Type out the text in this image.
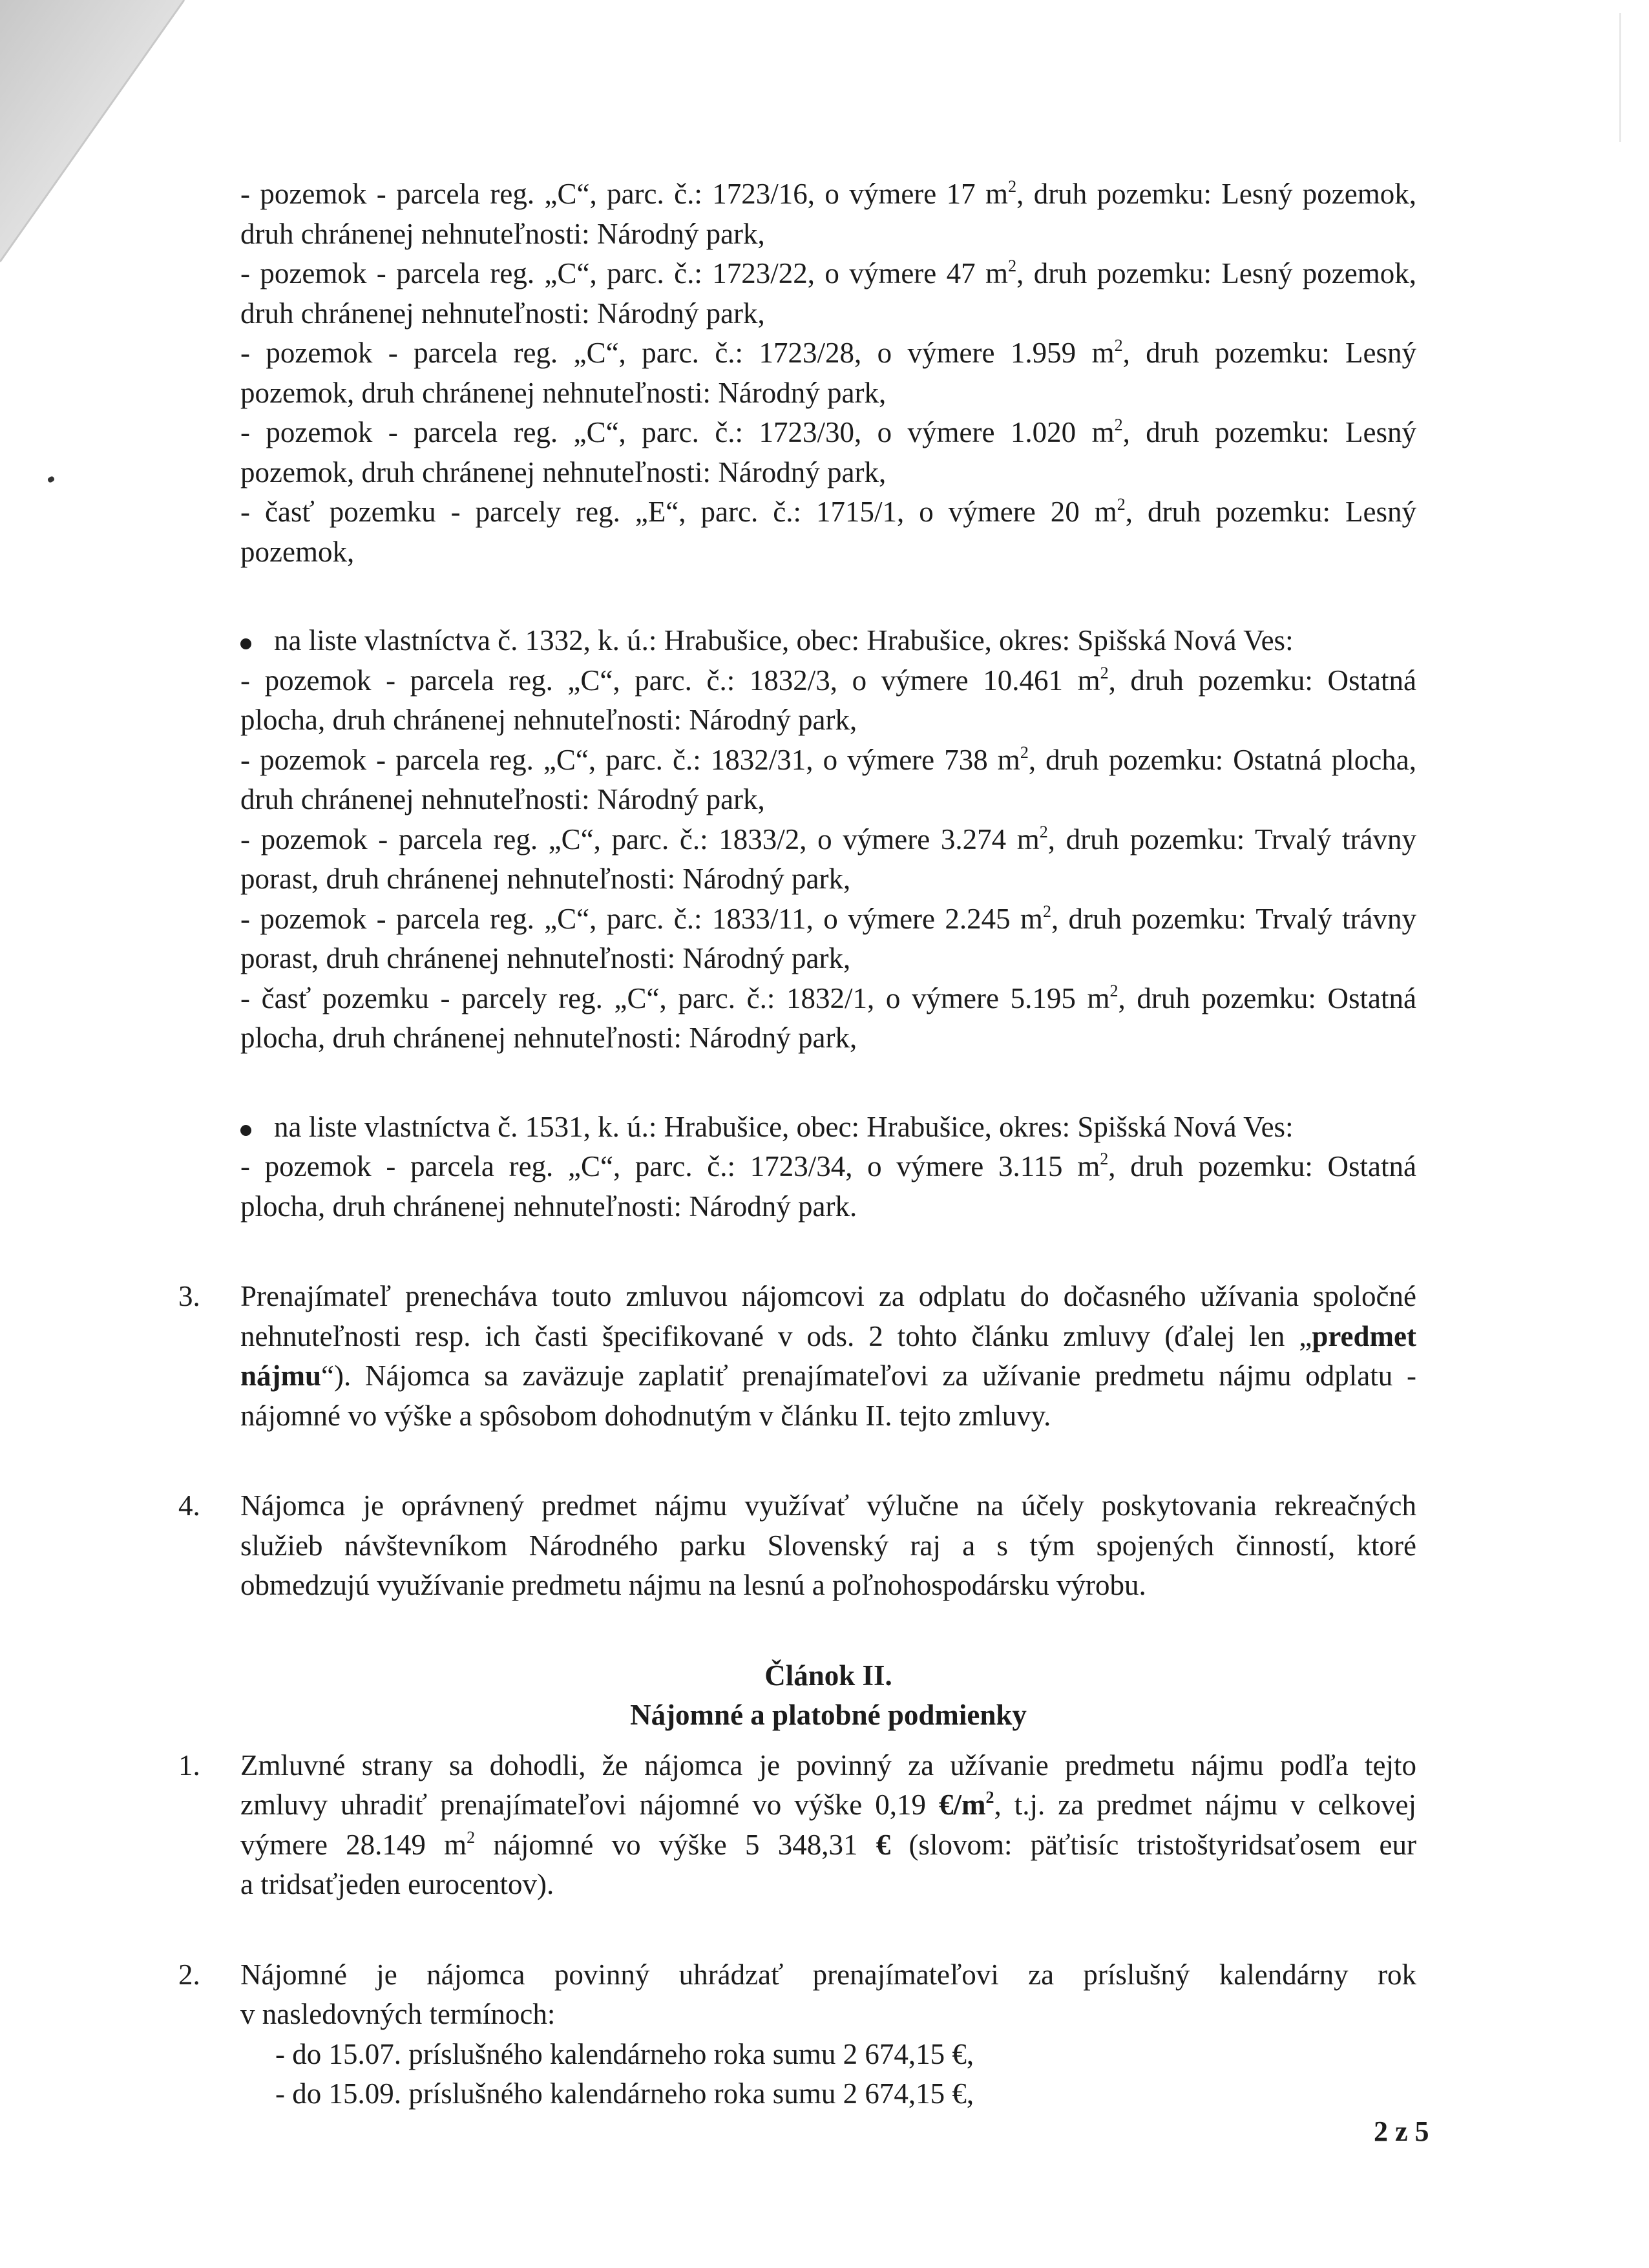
- pozemok - parcela reg. „C“, parc. č.: 1723/16, o výmere 17 $m^2$, druh pozemku: Lesný pozemok,
druh chránenej nehnuteľnosti: Národný park,
- pozemok - parcela reg. „C“, parc. č.: 1723/22, o výmere 47 $m^2$, druh pozemku: Lesný pozemok,
druh chránenej nehnuteľnosti: Národný park,
- pozemok - parcela reg. „C“, parc. č.: 1723/28, o výmere 1.959 $m^2$, druh pozemku: Lesný
pozemok, druh chránenej nehnuteľnosti: Národný park,
- pozemok - parcela reg. „C“, parc. č.: 1723/30, o výmere 1.020 $m^2$, druh pozemku: Lesný
pozemok, druh chránenej nehnuteľnosti: Národný park,
- časť pozemku - parcely reg. „E“, parc. č.: 1715/1, o výmere 20 $m^2$, druh pozemku: Lesný
pozemok,
na liste vlastníctva č. 1332, k. ú.: Hrabušice, obec: Hrabušice, okres: Spišská Nová Ves:
- pozemok - parcela reg. „C“, parc. č.: 1832/3, o výmere 10.461 $m^2$, druh pozemku: Ostatná
plocha, druh chránenej nehnuteľnosti: Národný park,
- pozemok - parcela reg. „C“, parc. č.: 1832/31, o výmere 738 $m^2$, druh pozemku: Ostatná plocha,
druh chránenej nehnuteľnosti: Národný park,
- pozemok - parcela reg. „C“, parc. č.: 1833/2, o výmere 3.274 $m^2$, druh pozemku: Trvalý trávny
porast, druh chránenej nehnuteľnosti: Národný park,
- pozemok - parcela reg. „C“, parc. č.: 1833/11, o výmere 2.245 $m^2$, druh pozemku: Trvalý trávny
porast, druh chránenej nehnuteľnosti: Národný park,
- časť pozemku - parcely reg. „C“, parc. č.: 1832/1, o výmere 5.195 $m^2$, druh pozemku: Ostatná
plocha, druh chránenej nehnuteľnosti: Národný park,
na liste vlastníctva č. 1531, k. ú.: Hrabušice, obec: Hrabušice, okres: Spišská Nová Ves:
- pozemok - parcela reg. „C“, parc. č.: 1723/34, o výmere 3.115 $m^2$, druh pozemku: Ostatná
plocha, druh chránenej nehnuteľnosti: Národný park.
3. Prenajímateľ prenecháva touto zmluvou nájomcovi za odplatu do dočasného užívania spoločné
nehnuteľnosti resp. ich časti špecifikované v ods. 2 tohto článku zmluvy (ďalej len „predmet
nájmu“). Nájomca sa zaväzuje zaplatiť prenajímateľovi za užívanie predmetu nájmu odplatu -
nájomné vo výške a spôsobom dohodnutým v článku II. tejto zmluvy.
4. Nájomca je oprávnený predmet nájmu využívať výlučne na účely poskytovania rekreačných
služieb návštevníkom Národného parku Slovenský raj a s tým spojených činností, ktoré
obmedzujú využívanie predmetu nájmu na lesnú a poľnohospodársku výrobu.
Článok II.
Nájomné a platobné podmienky
1. Zmluvné strany sa dohodli, že nájomca je povinný za užívanie predmetu nájmu podľa tejto
zmluvy uhradiť prenajímateľovi nájomné vo výške 0,19 $€/m^2$, t.j. za predmet nájmu v celkovej
výmere 28.149 $m^2$ nájomné vo výške 5 348,31 € (slovom: päťtisíc tristoštyridsaťosem eur
a tridsaťjeden eurocentov).
2. Nájomné je nájomca povinný uhrádzať prenajímateľovi za príslušný kalendárny rok
v nasledovných termínoch:
- do 15.07. príslušného kalendárneho roka sumu 2 674,15 €,
- do 15.09. príslušného kalendárneho roka sumu 2 674,15 €,
2 z 5
